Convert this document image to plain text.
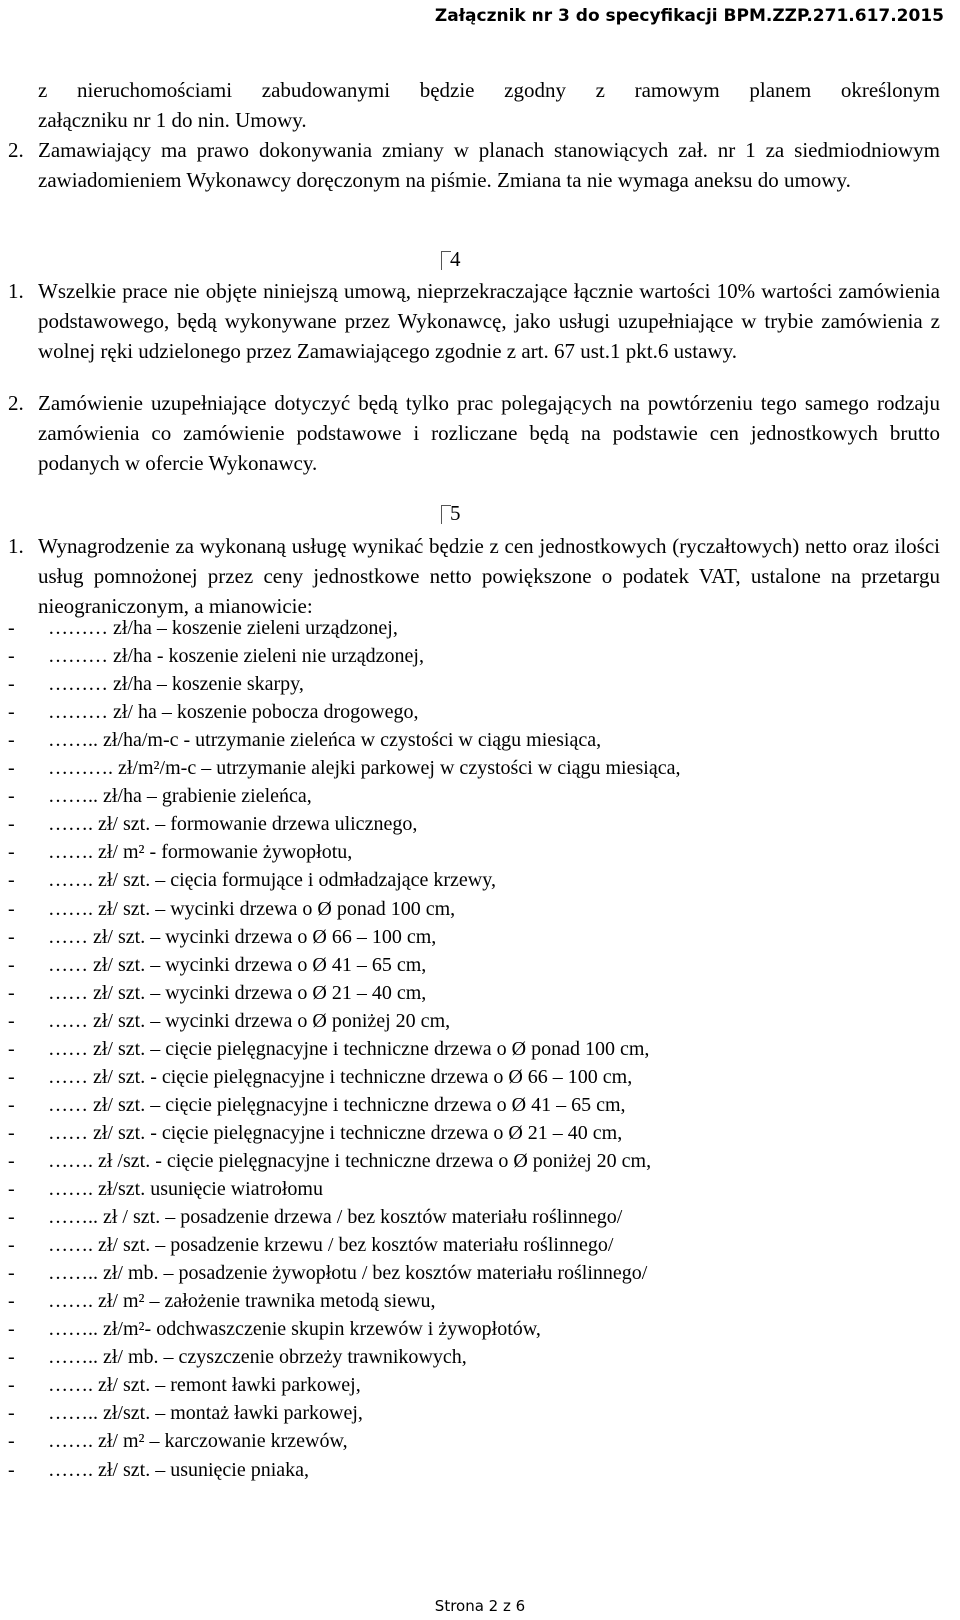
Załącznik nr 3 do specyfikacji BPM.ZZP.271.617.2015
z nieruchomościami zabudowanymi będzie zgodny z ramowym planem określonym
załączniku nr 1 do nin. Umowy.
2. Zamawiający ma prawo dokonywania zmiany w planach stanowiących zał. nr 1 za siedmiodniowym zawiadomieniem Wykonawcy doręczonym na piśmie. Zmiana ta nie wymaga aneksu do umowy.
4
1. Wszelkie prace nie objęte niniejszą umową, nieprzekraczające łącznie wartości 10% wartości zamówienia podstawowego, będą wykonywane przez Wykonawcę, jako usługi uzupełniające w trybie zamówienia z wolnej ręki udzielonego przez Zamawiającego zgodnie z art. 67 ust.1 pkt.6 ustawy.
2. Zamówienie uzupełniające dotyczyć będą tylko prac polegających na powtórzeniu tego samego rodzaju zamówienia co zamówienie podstawowe i rozliczane będą na podstawie cen jednostkowych brutto podanych w ofercie Wykonawcy.
5
1. Wynagrodzenie za wykonaną usługę wynikać będzie z cen jednostkowych (ryczałtowych) netto oraz ilości usług pomnożonej przez ceny jednostkowe netto powiększone o podatek VAT, ustalone na przetargu nieograniczonym, a mianowicie:
- ……… zł/ha – koszenie zieleni urządzonej,
- ……… zł/ha - koszenie zieleni nie urządzonej,
- ……… zł/ha – koszenie skarpy,
- ……… zł/ ha – koszenie pobocza drogowego,
- …….. zł/ha/m-c - utrzymanie zieleńca w czystości w ciągu miesiąca,
- ………. zł/m²/m-c – utrzymanie alejki parkowej w czystości w ciągu miesiąca,
- …….. zł/ha – grabienie zieleńca,
- ……. zł/ szt. – formowanie drzewa ulicznego,
- ……. zł/ m² - formowanie żywopłotu,
- ……. zł/ szt. – cięcia formujące i odmładzające krzewy,
- ……. zł/ szt. – wycinki drzewa o Ø ponad 100 cm,
- …… zł/ szt. – wycinki drzewa o Ø 66 – 100 cm,
- …… zł/ szt. – wycinki drzewa o Ø 41 – 65 cm,
- …… zł/ szt. – wycinki drzewa o Ø 21 – 40 cm,
- …… zł/ szt. – wycinki drzewa o Ø poniżej 20 cm,
- …… zł/ szt. – cięcie pielęgnacyjne i techniczne drzewa o Ø ponad 100 cm,
- …… zł/ szt. - cięcie pielęgnacyjne i techniczne drzewa o Ø 66 – 100 cm,
- …… zł/ szt. – cięcie pielęgnacyjne i techniczne drzewa o Ø 41 – 65 cm,
- …… zł/ szt. - cięcie pielęgnacyjne i techniczne drzewa o Ø 21 – 40 cm,
- ……. zł /szt. - cięcie pielęgnacyjne i techniczne drzewa o Ø poniżej 20 cm,
- ……. zł/szt. usunięcie wiatrołomu
- …….. zł / szt. – posadzenie drzewa / bez kosztów materiału roślinnego/
- ……. zł/ szt. – posadzenie krzewu / bez kosztów materiału roślinnego/
- …….. zł/ mb. – posadzenie żywopłotu / bez kosztów materiału roślinnego/
- ……. zł/ m² – założenie trawnika metodą siewu,
- …….. zł/m²- odchwaszczenie skupin krzewów i żywopłotów,
- …….. zł/ mb. – czyszczenie obrzeży trawnikowych,
- ……. zł/ szt. – remont ławki parkowej,
- …….. zł/szt. – montaż ławki parkowej,
- ……. zł/ m² – karczowanie krzewów,
- ……. zł/ szt. – usunięcie pniaka,
Strona 2 z 6
